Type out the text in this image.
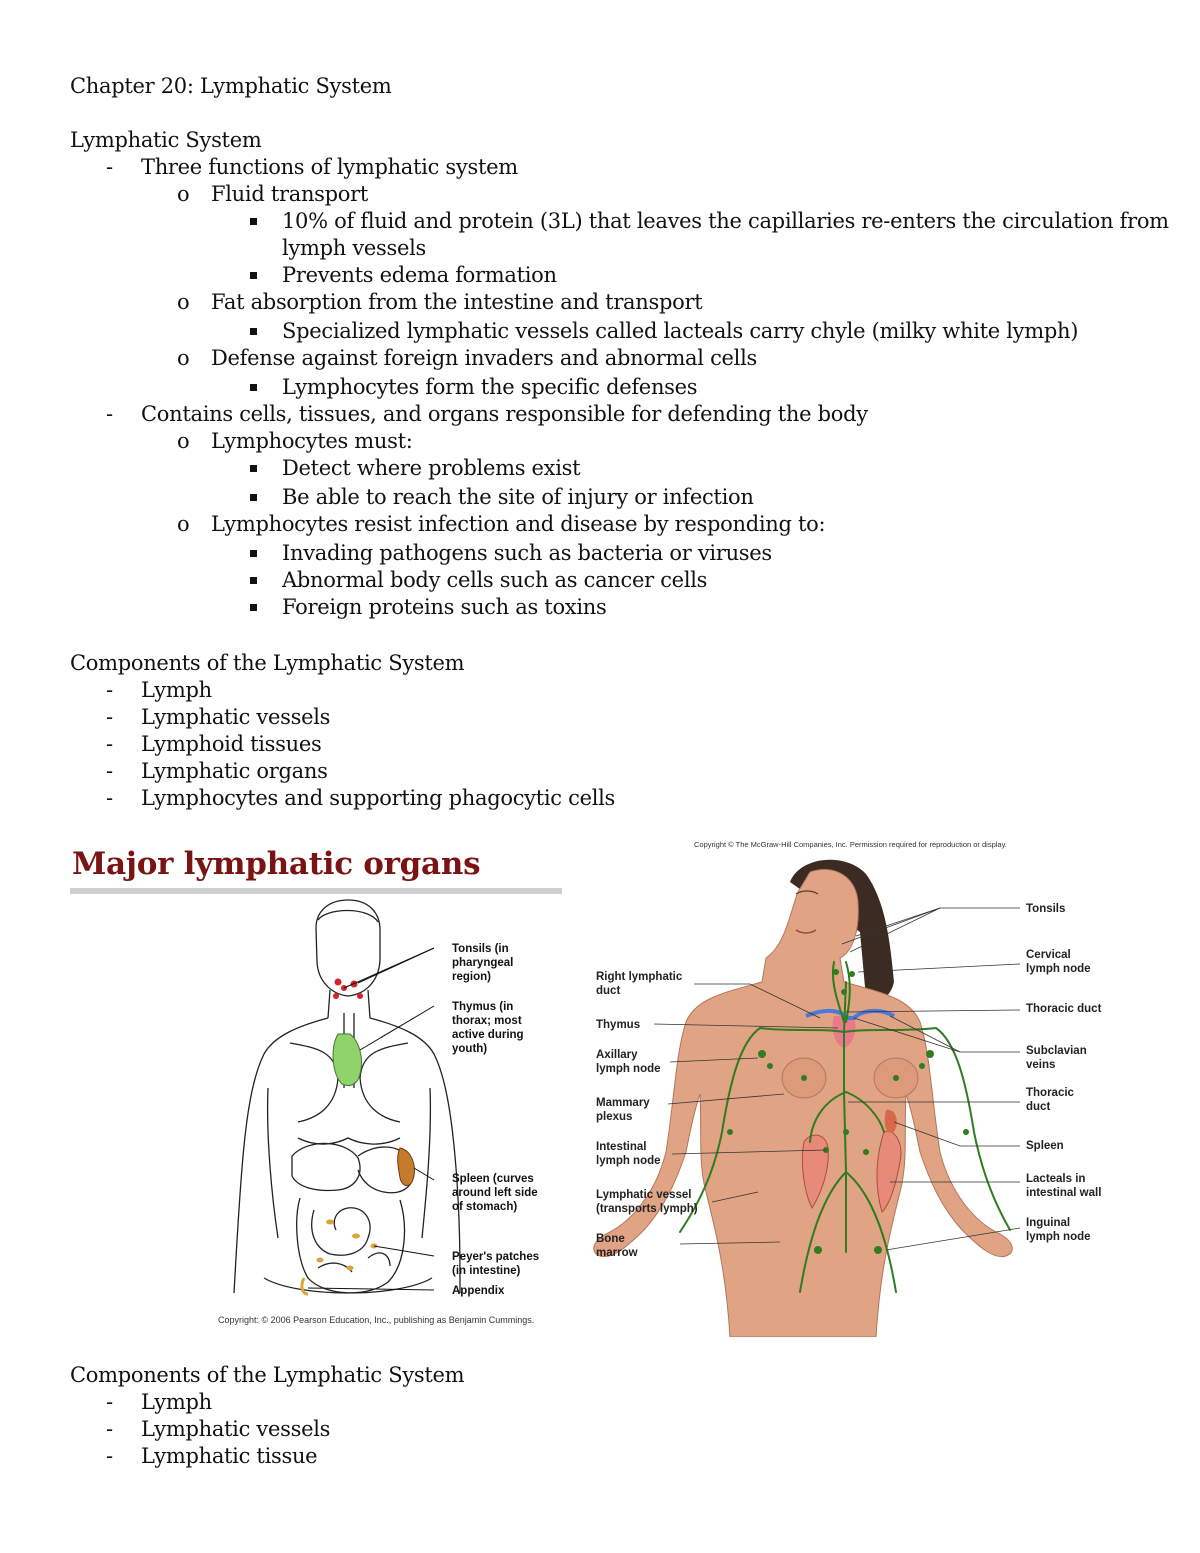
Chapter 20: Lymphatic System
Lymphatic System
- Three functions of lymphatic system
o Fluid transport
10% of fluid and protein (3L) that leaves the capillaries re-enters the circulation from
lymph vessels
Prevents edema formation
o Fat absorption from the intestine and transport
Specialized lymphatic vessels called lacteals carry chyle (milky white lymph)
o Defense against foreign invaders and abnormal cells
Lymphocytes form the specific defenses
- Contains cells, tissues, and organs responsible for defending the body
o Lymphocytes must:
Detect where problems exist
Be able to reach the site of injury or infection
o Lymphocytes resist infection and disease by responding to:
Invading pathogens such as bacteria or viruses
Abnormal body cells such as cancer cells
Foreign proteins such as toxins
Components of the Lymphatic System
- Lymph
- Lymphatic vessels
- Lymphoid tissues
- Lymphatic organs
- Lymphocytes and supporting phagocytic cells
Major lymphatic organs
Tonsils (in
pharyngeal
region)
Thymus (in
thorax; most
active during
youth)
Spleen (curves
around left side
of stomach)
Peyer's patches
(in intestine)
Appendix
Copyright: © 2006 Pearson Education, Inc., publishing as Benjamin Cummings.
Copyright © The McGraw-Hill Companies, Inc. Permission required for reproduction or display.
Right lymphatic
duct
Thymus
Axillary
lymph node
Mammary
plexus
Intestinal
lymph node
Lymphatic vessel
(transports lymph)
Bone
marrow
Tonsils
Cervical
lymph node
Thoracic duct
Subclavian
veins
Thoracic
duct
Spleen
Lacteals in
intestinal wall
Inguinal
lymph node
Components of the Lymphatic System
- Lymph
- Lymphatic vessels
- Lymphatic tissue
